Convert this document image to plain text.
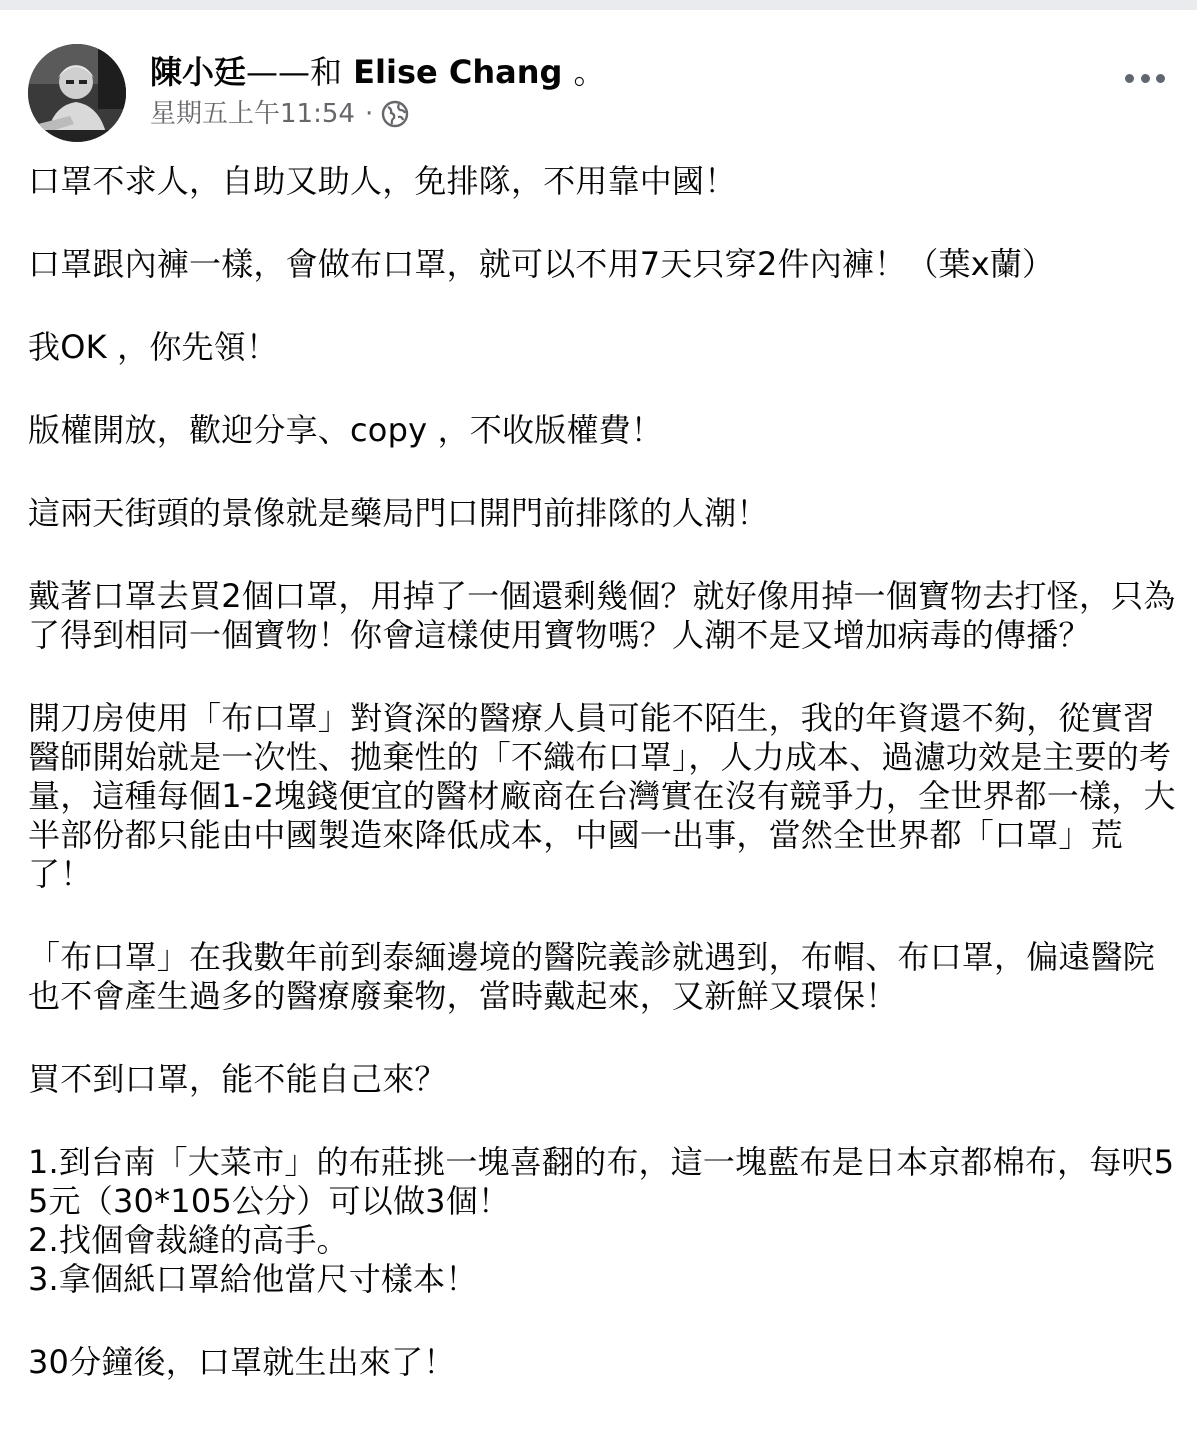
陳小廷——和 Elise Chang 。
星期五上午11:54 ·

口罩不求人，自助又助人，免排隊，不用靠中國！

口罩跟內褲一樣，會做布口罩，就可以不用7天只穿2件內褲！（葉x蘭）

我OK ，你先領！

版權開放，歡迎分享、copy ，不收版權費！

這兩天街頭的景像就是藥局門口開門前排隊的人潮！

戴著口罩去買2個口罩，用掉了一個還剩幾個？就好像用掉一個寶物去打怪，只為了得到相同一個寶物！你會這樣使用寶物嗎？人潮不是又增加病毒的傳播？

開刀房使用「布口罩」對資深的醫療人員可能不陌生，我的年資還不夠，從實習醫師開始就是一次性、拋棄性的「不織布口罩」，人力成本、過濾功效是主要的考量，這種每個1-2塊錢便宜的醫材廠商在台灣實在沒有競爭力，全世界都一樣，大半部份都只能由中國製造來降低成本，中國一出事，當然全世界都「口罩」荒了！

「布口罩」在我數年前到泰緬邊境的醫院義診就遇到，布帽、布口罩，偏遠醫院也不會產生過多的醫療廢棄物，當時戴起來，又新鮮又環保！

買不到口罩，能不能自己來？

1.到台南「大菜市」的布莊挑一塊喜翻的布，這一塊藍布是日本京都棉布，每呎55元（30*105公分）可以做3個！
2.找個會裁縫的高手。
3.拿個紙口罩給他當尺寸樣本！

30分鐘後，口罩就生出來了！
